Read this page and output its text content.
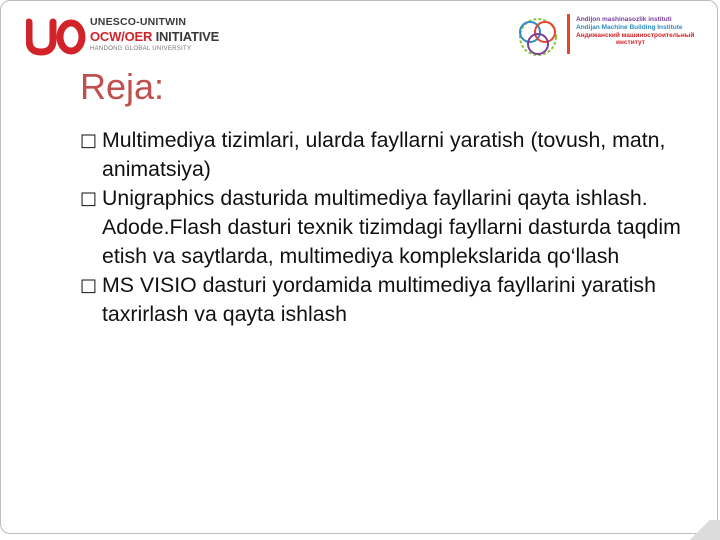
UNESCO-UNITWIN
OCW/OER INITIATIVE
HANDONG GLOBAL UNIVERSITY
Andijon mashinasozlik instituti
Andijan Machine Building Institute
Андижанский машиностроительный
институт
Reja:
□ Multimediya tizimlari, ularda fayllarni yaratish (tovush, matn, animatsiya)
□ Unigraphics dasturida multimediya fayllarini qayta ishlash. Adode.Flash dasturi texnik tizimdagi fayllarni dasturda taqdim etish va saytlarda, multimediya komplekslarida qo‘llash
□ MS VISIO dasturi yordamida multimediya fayllarini yaratish taxrirlash va qayta ishlash
